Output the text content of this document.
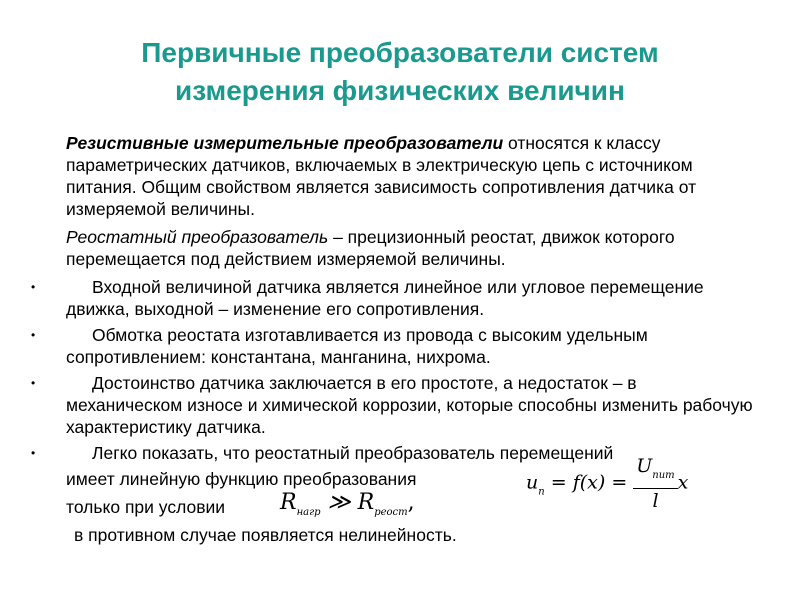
Первичные преобразователи систем
измерения физических величин

Резистивные измерительные преобразователи относятся к классу параметрических датчиков, включаемых в электрическую цепь с источником питания. Общим свойством является зависимость сопротивления датчика от измеряемой величины.

Реостатный преобразователь – прецизионный реостат, движок которого перемещается под действием измеряемой величины.

•	Входной величиной датчика является линейное или угловое перемещение движка, выходной – изменение его сопротивления.
•	Обмотка реостата изготавливается из провода с высоким удельным сопротивлением: константана, манганина, нихрома.
•	Достоинство датчика заключается в его простоте, а недостаток – в механическом износе и химической коррозии, которые способны изменить рабочую характеристику датчика.
•	Легко показать, что реостатный преобразователь перемещений
имеет линейную функцию преобразования	$u_п = f(x) = \frac{U_{пит}}{l}$ x
только при условии $R_{нагр}$ ≫ $R_{реост}$,
в противном случае появляется нелинейность.
